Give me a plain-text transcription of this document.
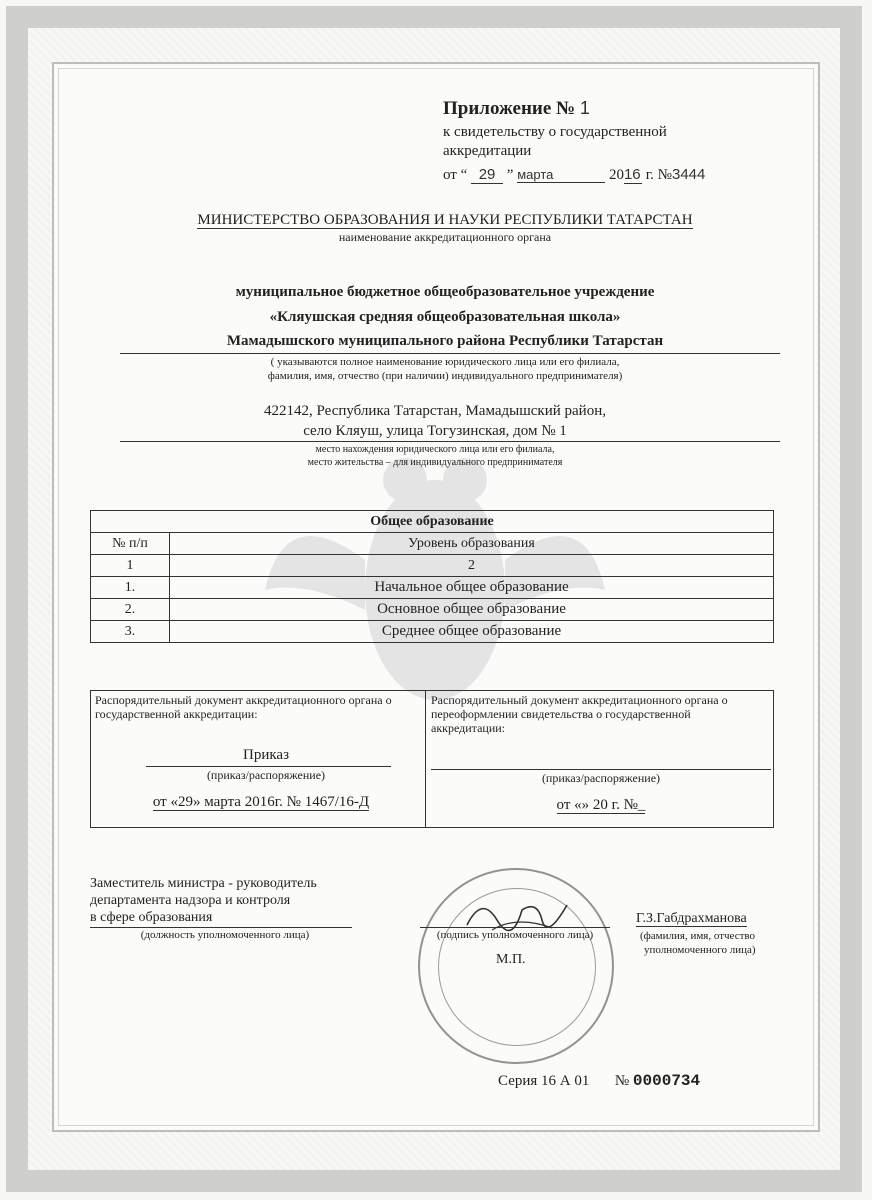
Приложение № 1
к свидетельству о государственной
аккредитации
от “ 29 ” марта	2016 г. №3444
МИНИСТЕРСТВО ОБРАЗОВАНИЯ И НАУКИ РЕСПУБЛИКИ ТАТАРСТАН
наименование аккредитационного органа
муниципальное бюджетное общеобразовательное учреждение
«Кляушская средняя общеобразовательная школа»
Мамадышского муниципального района Республики Татарстан
( указываются полное наименование юридического лица или его филиала,
фамилия, имя, отчество (при наличии) индивидуального предпринимателя)
422142, Республика Татарстан, Мамадышский район,
село Кляуш, улица Тогузинская, дом № 1
место нахождения юридического лица или его филиала,
место жительства – для индивидуального предпринимателя
Общее образование	
№ п/п	Уровень образования
1	2
1.	Начальное общее образование
2.	Основное общее образование
3.	Среднее общее образование
Распорядительный документ аккредитационного органа о государственной аккредитации:
Приказ
(приказ/распоряжение)
от «29» марта 2016г. № 1467/16-Д
Распорядительный документ аккредитационного органа о переоформлении свидетельства о государственной аккредитации:
(приказ/распоряжение)
от «» 20 г. №_
Заместитель министра - руководитель
департамента надзора и контроля
в сфере образования
(должность уполномоченного лица)	(подпись уполномоченного лица)
М.П.
Г.З.Габдрахманова
(фамилия, имя, отчество
уполномоченного лица)
Серия 16 А 01 № 0000734
